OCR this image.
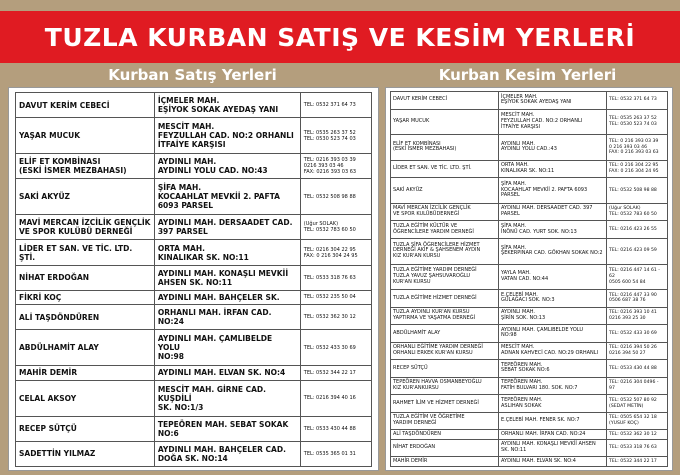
TUZLA KURBAN SATIŞ VE KESİM YERLERİ
Kurban Satış Yerleri	Kurban Kesim Yerleri
DAVUT KERİM CEBECİ	İÇMELER MAH.
EŞİYOK SOKAK AYEDAŞ YANI	TEL: 0532 371 64 73

YAŞAR MUCUK	MESCİT MAH.
FEYZULLAH CAD. NO:2 ORHANLI
İTFAİYE KARŞISI	TEL: 0535 263 37 52
TEL: 0530 523 74 03

ELİF ET KOMBİNASI
(ESKİ İSMER MEZBAHASI)	AYDINLI MAH.
AYDINLI YOLU CAD. NO:43	TEL: 0216 393 03 39
0216 393 03 46
FAX: 0216 393 03 63

SAKİ AKYÜZ	ŞİFA MAH.
KOCAAHLAT MEVKİİ 2. PAFTA
6093 PARSEL	TEL: 0532 508 98 88

MAVİ MERCAN İZCİLİK GENÇLİK
VE SPOR KULÜBÜ DERNEĞİ	AYDINLI MAH. DERSAADET CAD.
397 PARSEL	(Uğur SOLAK)
TEL: 0532 783 60 50

LİDER ET SAN. VE TİC. LTD. ŞTİ.	ORTA MAH.
KINALIKAR SK. NO:11	TEL: 0216 304 22 95
FAX: 0 216 304 24 95

NİHAT ERDOĞAN	AYDINLI MAH. KONAŞLI MEVKİİ
AHSEN SK. NO:11	TEL: 0533 318 76 63

FİKRİ KOÇ	AYDINLI MAH. BAHÇELER SK.	TEL: 0532 235 50 04

ALİ TAŞDÖNDÜREN	ORHANLI MAH. İRFAN CAD. NO:24	TEL: 0532 362 30 12

ABDÜLHAMİT ALAY	AYDINLI MAH. ÇAMLIBELDE YOLU
NO:98	TEL: 0532 433 30 69

MAHİR DEMİR	AYDINLI MAH. ELVAN SK. NO:4	TEL: 0532 344 22 17

CELAL AKSOY	MESCİT MAH. GİRNE CAD. KUŞDİLİ
SK. NO:1/3	TEL: 0216 394 40 16

RECEP SÜTÇÜ	TEPEÖREN MAH. SEBAT SOKAK
NO:6	TEL: 0533 430 44 88

SADETTİN YILMAZ	AYDINLI MAH. BAHÇELER CAD.
DOĞA SK. NO:14	TEL: 0535 365 01 31
DAVUT KERİM CEBECİ	İÇMELER MAH.
EŞİYOK SOKAK AYEDAŞ YANI	TEL: 0532 371 64 73

YAŞAR MUCUK	MESCİT MAH.
FEYZULLAH CAD. NO:2 ORHANLI
İTFAİYE KARŞISI	TEL: 0535 263 37 52
TEL: 0530 523 74 03

ELİF ET KOMBİNASI
(ESKİ İSMER MEZBAHASI)	AYDINLI MAH.
AYDINLI YOLU CAD.:43	TEL: 0 216 393 03 39
0 216 393 03 46
FAX: 0 216 393 03 63

LİDER ET SAN. VE TİC. LTD. ŞTİ.	ORTA MAH.
KINALIKAR SK. NO:11	TEL: 0 216 304 22 95
FAX: 0 216 304 24 95

SAKİ AKYÜZ	ŞİFA MAH.
KOCAAHLAT MEVKİİ 2. PAFTA 6093
PARSEL	TEL: 0532 508 98 88

MAVİ MERCAN İZCİLİK GENÇLİK
VE SPOR KULÜBÜDERNEĞİ	AYDINLI MAH. DERSAADET CAD. 397
PARSEL	(Uğur SOLAK)
TEL: 0532 783 60 50

TUZLA EĞİTİM KÜLTÜR VE
ÖĞRENCİLERE YARDIM DERNEĞİ	ŞİFA MAH.
İNÖNÜ CAD. YURT SOK. NO:13	TEL: 0216 423 26 55

TUZLA ŞİFA ÖĞRENCİLERE HİZMET
DERNEĞİ AKİF & ŞAHSENEM AYDIN
KIZ KUR'AN KURSU	ŞİFA MAH.
ŞEKERPINAR CAD. GÖKHAN SOKAK NO:2	TEL: 0216 423 09 59

TUZLA EĞİTİME YARDIM DERNEĞİ
TUZLA YAVUZ ŞAHSUVAROĞLU
KUR'AN KURSU	YAYLA MAH.
VATAN CAD. NO:44	TEL: 0216 447 14 61 - 62
0505 600 54 84

TUZLA EĞİTİME HİZMET DERNEĞİ	E.ÇELEBİ MAH.
GÜLAĞACI SOK. NO:3	TEL: 0216 447 33 90
0506 687 38 76

TUZLA AYDINLI KUR'AN KURSU
YAPTIRMA VE YAŞATMA DERNEĞİ	AYDINLI MAH.
ŞİRİN SOK. NO:13	TEL: 0216 393 10 41
0216 393 25 30

ABDÜLHAMİT ALAY	AYDINLI MAH. ÇAMLIBELDE YOLU
NO:98	TEL: 0532 433 30 69

ORHANLI EĞİTİME YARDIM DERNEĞİ
ORHANLI ERKEK KUR'AN KURSU	MESCİT MAH.
ADNAN KAHVECİ CAD. NO:29 ORHANLI	TEL: 0216 394 50 26
0216 394 50 27

RECEP SÜTÇÜ	TEPEÖREN MAH.
SEBAT SOKAK NO:6	TEL: 0533 430 44 88

TEPEÖREN HAVVA OSMANBEYOĞLU
KIZ KUR'ANKURSU	TEPEÖREN MAH.
FATİH BULVARI 180. SOK. NO:7	TEL: 0216 304 0496 - 97

RAHMET İLİM VE HİZMET DERNEĞİ	TEPEÖREN MAH.
ASLIHAN SOKAK	TEL: 0532 507 80 92
(SEDAT METİN)

TUZLA EĞİTİM VE ÖĞRETİME
YARDIM DERNEĞİ	E.ÇELEBİ MAH. FENER SK. NO:7	TEL: 0505 654 32 18
(YUSUF KOÇ)

ALİ TAŞDÖNDÜREN	ORHANLI MAH. İRFAN CAD. NO:24	TEL: 0532 362 30 12

NİHAT ERDOĞAN	AYDINLI MAH. KONAŞLI MEVKİİ AHSEN
SK. NO:11	TEL: 0533 318 76 63

MAHİR DEMİR	AYDINLI MAH. ELVAN SK. NO:4	TEL: 0532 344 22 17
